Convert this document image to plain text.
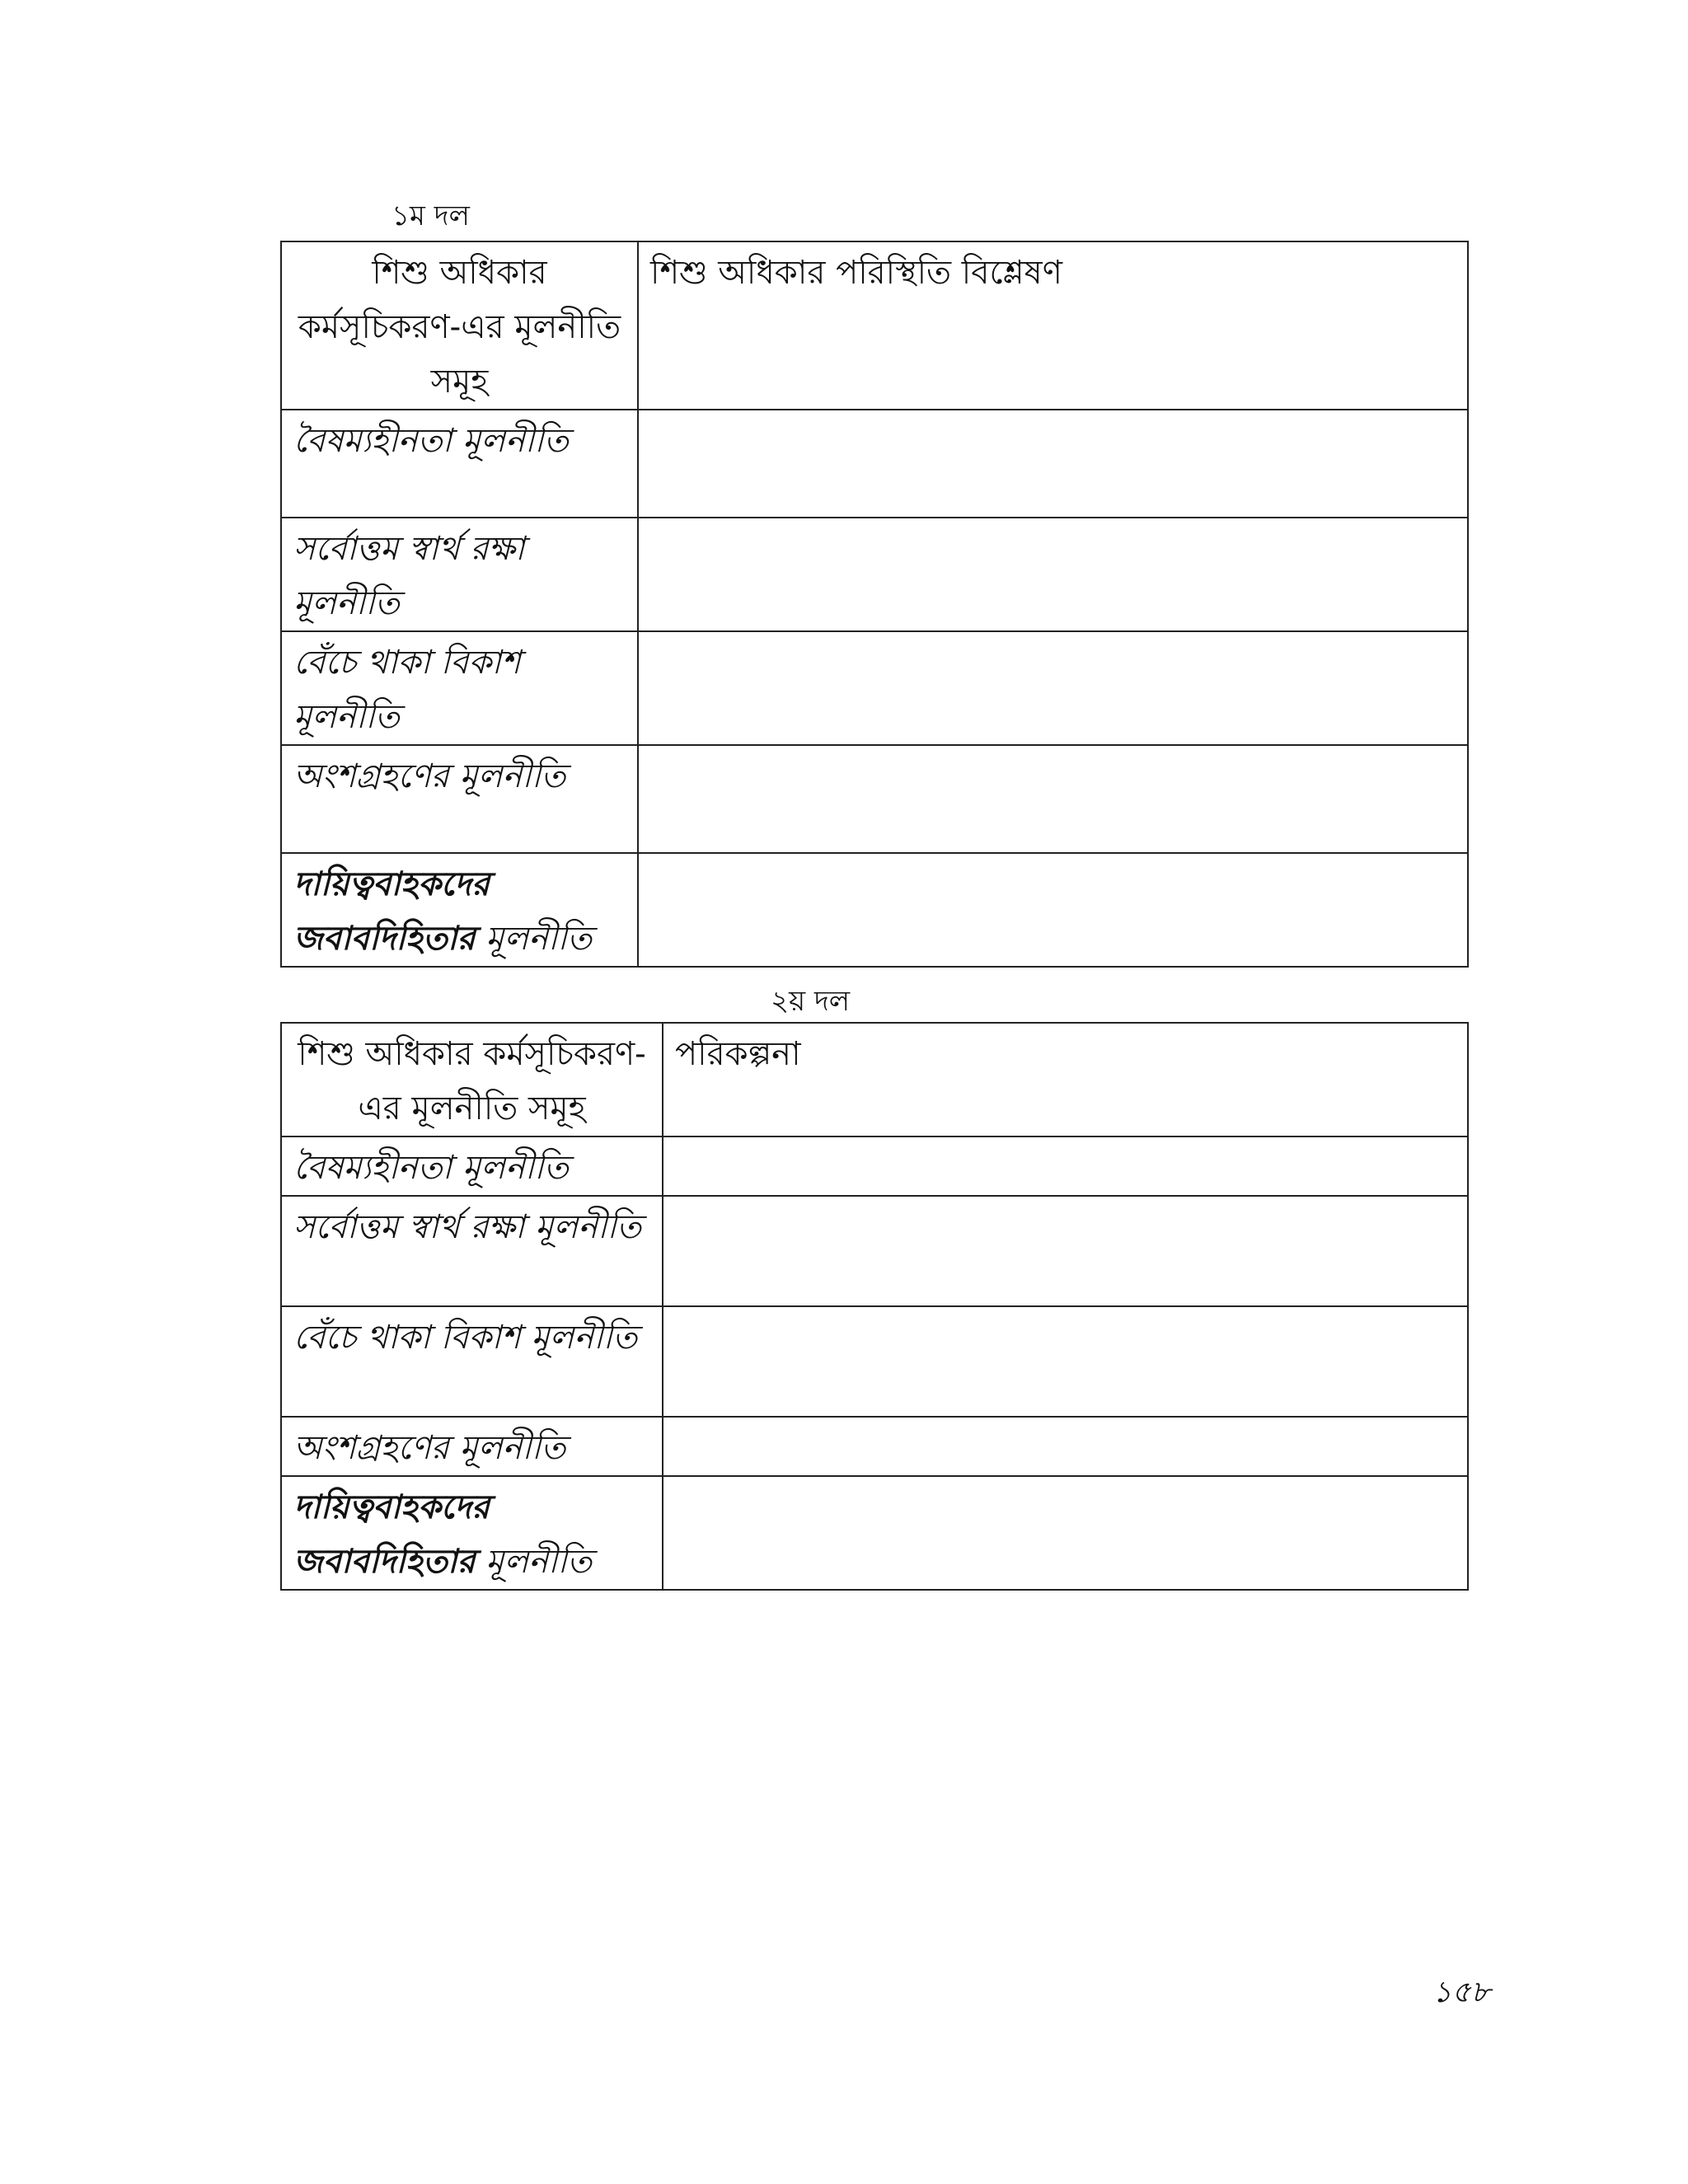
১ম দল
শিশু অধিকার কর্মসূচিকরণ-এর মূলনীতি সমূহ	শিশু অধিকার পরিস্থিতি বিশ্লেষণ
বৈষম্যহীনতা মূলনীতি	
সর্বোত্তম স্বার্থ রক্ষা মূলনীতি	
বেঁচে থাকা বিকাশ মূলনীতি	
অংশগ্রহণের মূলনীতি	
দায়িত্ববাহকদের জবাবদিহিতার মূলনীতি	
২য় দল
শিশু অধিকার কর্মসূচিকরণ-এর মূলনীতি সমূহ	পরিকল্পনা
বৈষম্যহীনতা মূলনীতি	
সর্বোত্তম স্বার্থ রক্ষা মূলনীতি	
বেঁচে থাকা বিকাশ মূলনীতি	
অংশগ্রহণের মূলনীতি	
দায়িত্ববাহকদের জবাবদিহিতার মূলনীতি	
১৫৮
